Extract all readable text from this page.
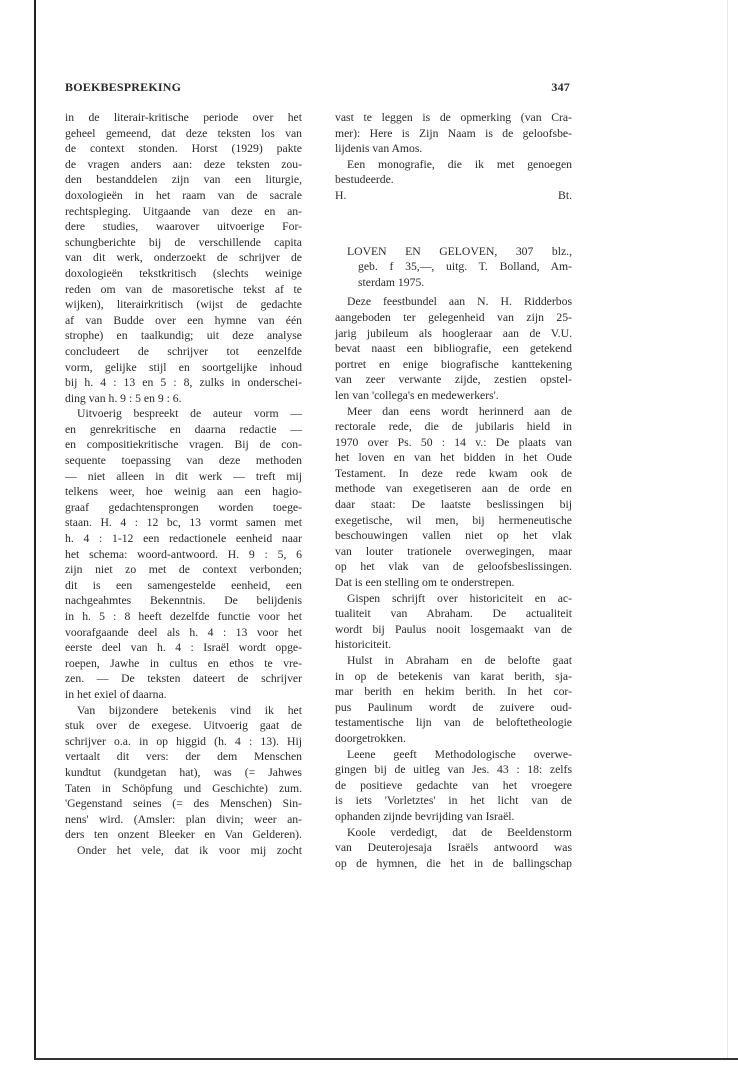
BOEKBESPREKING	347
in de literair-kritische periode over het
geheel gemeend, dat deze teksten los van
de context stonden. Horst (1929) pakte
de vragen anders aan: deze teksten zou-
den bestanddelen zijn van een liturgie,
doxologieën in het raam van de sacrale
rechtspleging. Uitgaande van deze en an-
dere studies, waarover uitvoerige For-
schungberichte bij de verschillende capita
van dit werk, onderzoekt de schrijver de
doxologieën tekstkritisch (slechts weinige
reden om van de masoretische tekst af te
wijken), literairkritisch (wijst de gedachte
af van Budde over een hymne van één
strophe) en taalkundig; uit deze analyse
concludeert de schrijver tot eenzelfde
vorm, gelijke stijl en soortgelijke inhoud
bij h. 4 : 13 en 5 : 8, zulks in onderschei-
ding van h. 9 : 5 en 9 : 6.
Uitvoerig bespreekt de auteur vorm —
en genrekritische en daarna redactie —
en compositiekritische vragen. Bij de con-
sequente toepassing van deze methoden
— niet alleen in dit werk — treft mij
telkens weer, hoe weinig aan een hagio-
graaf gedachtensprongen worden toege-
staan. H. 4 : 12 bc, 13 vormt samen met
h. 4 : 1-12 een redactionele eenheid naar
het schema: woord-antwoord. H. 9 : 5, 6
zijn niet zo met de context verbonden;
dit is een samengestelde eenheid, een
nachgeahmtes Bekenntnis. De belijdenis
in h. 5 : 8 heeft dezelfde functie voor het
voorafgaande deel als h. 4 : 13 voor het
eerste deel van h. 4 : Israël wordt opge-
roepen, Jawhe in cultus en ethos te vre-
zen. — De teksten dateert de schrijver
in het exiel of daarna.
Van bijzondere betekenis vind ik het
stuk over de exegese. Uitvoerig gaat de
schrijver o.a. in op higgid (h. 4 : 13). Hij
vertaalt dit vers: der dem Menschen
kundtut (kundgetan hat), was (= Jahwes
Taten in Schöpfung und Geschichte) zum.
'Gegenstand seines (= des Menschen) Sin-
nens' wird. (Amsler: plan divin; weer an-
ders ten onzent Bleeker en Van Gelderen).
Onder het vele, dat ik voor mij zocht
vast te leggen is de opmerking (van Cra-
mer): Here is Zijn Naam is de geloofsbe-
lijdenis van Amos.
Een monografie, die ik met genoegen
bestudeerde.
H.	Bt.
LOVEN EN GELOVEN, 307 blz.,
geb. f 35,—, uitg. T. Bolland, Am-
sterdam 1975.
Deze feestbundel aan N. H. Ridderbos
aangeboden ter gelegenheid van zijn 25-
jarig jubileum als hoogleraar aan de V.U.
bevat naast een bibliografie, een getekend
portret en enige biografische kanttekening
van zeer verwante zijde, zestien opstel-
len van 'collega's en medewerkers'.
Meer dan eens wordt herinnerd aan de
rectorale rede, die de jubilaris hield in
1970 over Ps. 50 : 14 v.: De plaats van
het loven en van het bidden in het Oude
Testament. In deze rede kwam ook de
methode van exegetiseren aan de orde en
daar staat: De laatste beslissingen bij
exegetische, wil men, bij hermeneutische
beschouwingen vallen niet op het vlak
van louter trationele overwegingen, maar
op het vlak van de geloofsbeslissingen.
Dat is een stelling om te onderstrepen.
Gispen schrijft over historiciteit en ac-
tualiteit van Abraham. De actualiteit
wordt bij Paulus nooit losgemaakt van de
historiciteit.
Hulst in Abraham en de belofte gaat
in op de betekenis van karat berith, sja-
mar berith en hekim berith. In het cor-
pus Paulinum wordt de zuivere oud-
testamentische lijn van de beloftetheologie
doorgetrokken.
Leene geeft Methodologische overwe-
gingen bij de uitleg van Jes. 43 : 18: zelfs
de positieve gedachte van het vroegere
is iets 'Vorletztes' in het licht van de
ophanden zijnde bevrijding van Israël.
Koole verdedigt, dat de Beeldenstorm
van Deuterojesaja Israëls antwoord was
op de hymnen, die het in de ballingschap
